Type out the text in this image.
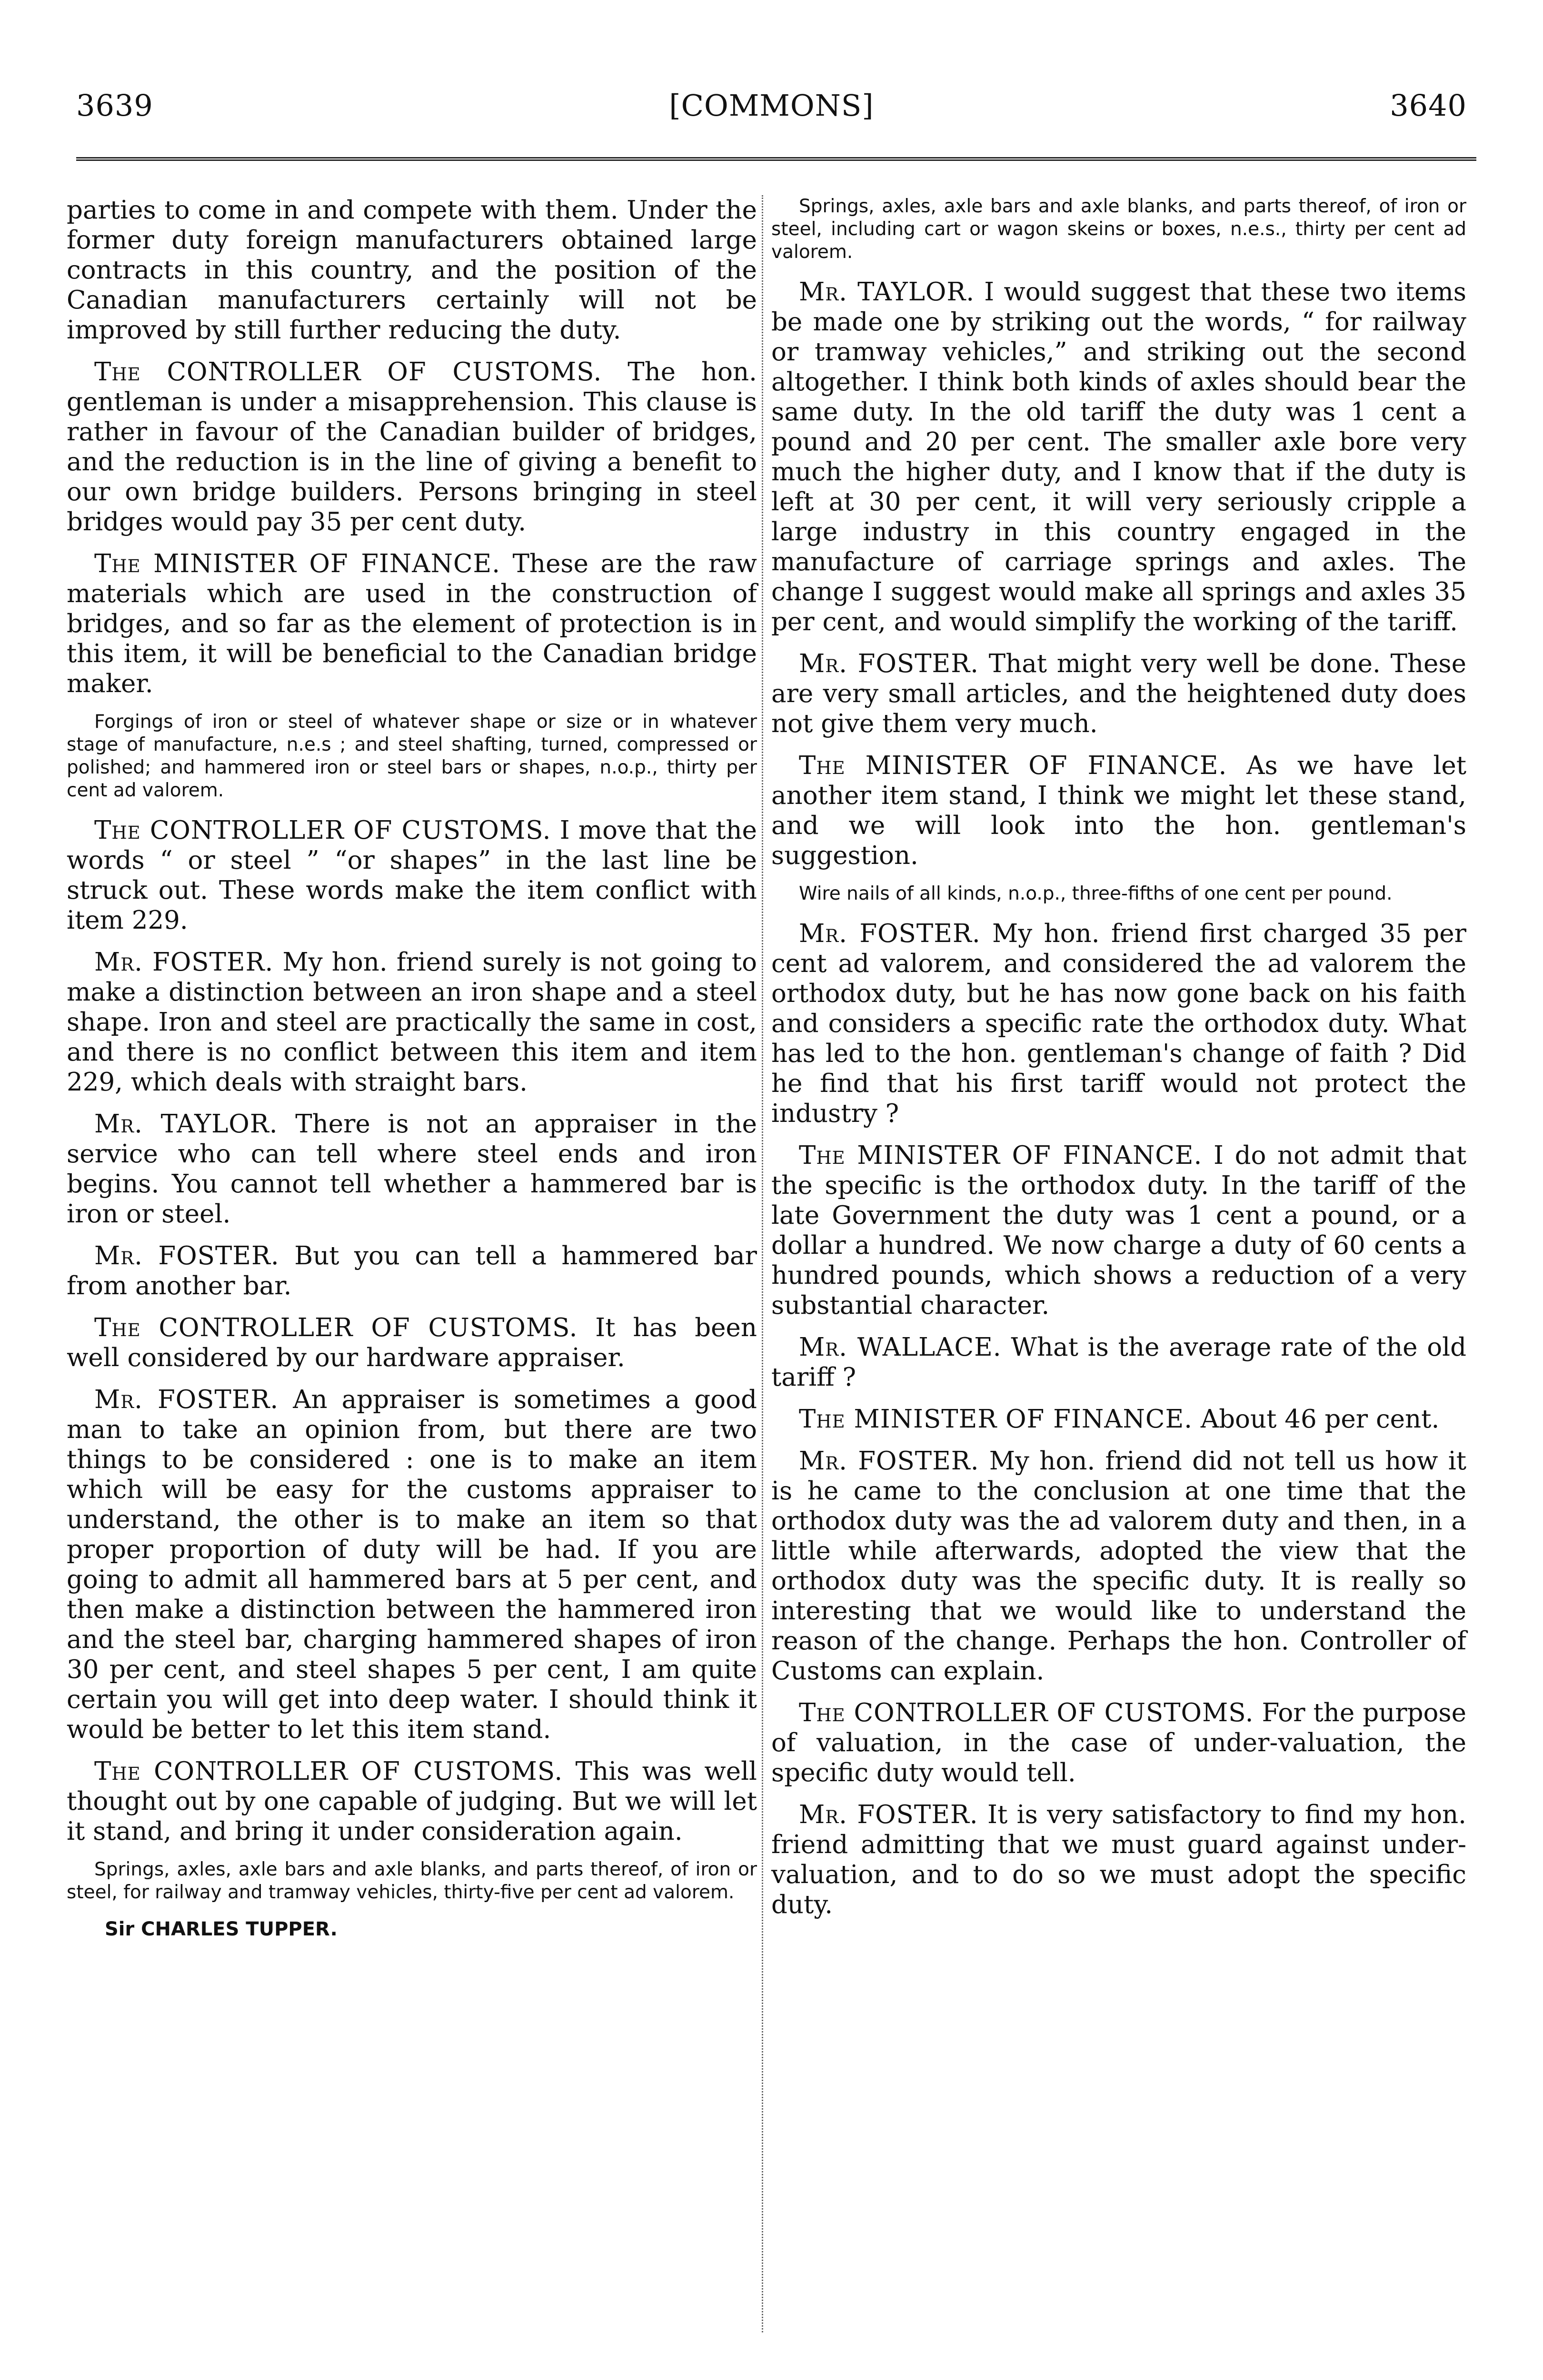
3639	[COMMONS]	3640
parties to come in and compete with them. Under the former duty foreign manufacturers obtained large contracts in this country, and the position of the Canadian manufacturers certainly will not be improved by still further reducing the duty.
The CONTROLLER OF CUSTOMS. The hon. gentleman is under a misapprehension. This clause is rather in favour of the Canadian builder of bridges, and the reduction is in the line of giving a benefit to our own bridge builders. Persons bringing in steel bridges would pay 35 per cent duty.
The MINISTER OF FINANCE. These are the raw materials which are used in the construction of bridges, and so far as the element of protection is in this item, it will be beneficial to the Canadian bridge maker.
Forgings of iron or steel of whatever shape or size or in whatever stage of manufacture, n.e.s ; and steel shafting, turned, compressed or polished; and hammered iron or steel bars or shapes, n.o.p., thirty per cent ad valorem.
The CONTROLLER OF CUSTOMS. I move that the words “ or steel ” “or shapes” in the last line be struck out. These words make the item conflict with item 229.
Mr. FOSTER. My hon. friend surely is not going to make a distinction between an iron shape and a steel shape. Iron and steel are practically the same in cost, and there is no conflict between this item and item 229, which deals with straight bars.
Mr. TAYLOR. There is not an appraiser in the service who can tell where steel ends and iron begins. You cannot tell whether a hammered bar is iron or steel.
Mr. FOSTER. But you can tell a hammered bar from another bar.
The CONTROLLER OF CUSTOMS. It has been well considered by our hardware appraiser.
Mr. FOSTER. An appraiser is sometimes a good man to take an opinion from, but there are two things to be considered : one is to make an item which will be easy for the customs appraiser to understand, the other is to make an item so that proper proportion of duty will be had. If you are going to admit all hammered bars at 5 per cent, and then make a distinction between the hammered iron and the steel bar, charging hammered shapes of iron 30 per cent, and steel shapes 5 per cent, I am quite certain you will get into deep water. I should think it would be better to let this item stand.
The CONTROLLER OF CUSTOMS. This was well thought out by one capable of judging. But we will let it stand, and bring it under consideration again.
Springs, axles, axle bars and axle blanks, and parts thereof, of iron or steel, for railway and tramway vehicles, thirty-five per cent ad valorem.
Sir CHARLES TUPPER.
Springs, axles, axle bars and axle blanks, and parts thereof, of iron or steel, including cart or wagon skeins or boxes, n.e.s., thirty per cent ad valorem.
Mr. TAYLOR. I would suggest that these two items be made one by striking out the words, “ for railway or tramway vehicles,” and striking out the second altogether. I think both kinds of axles should bear the same duty. In the old tariff the duty was 1 cent a pound and 20 per cent. The smaller axle bore very much the higher duty, and I know that if the duty is left at 30 per cent, it will very seriously cripple a large industry in this country engaged in the manufacture of carriage springs and axles. The change I suggest would make all springs and axles 35 per cent, and would simplify the working of the tariff.
Mr. FOSTER. That might very well be done. These are very small articles, and the heightened duty does not give them very much.
The MINISTER OF FINANCE. As we have let another item stand, I think we might let these stand, and we will look into the hon. gentleman's suggestion.
Wire nails of all kinds, n.o.p., three-fifths of one cent per pound.
Mr. FOSTER. My hon. friend first charged 35 per cent ad valorem, and considered the ad valorem the orthodox duty, but he has now gone back on his faith and considers a specific rate the orthodox duty. What has led to the hon. gentleman's change of faith ? Did he find that his first tariff would not protect the industry ?
The MINISTER OF FINANCE. I do not admit that the specific is the orthodox duty. In the tariff of the late Government the duty was 1 cent a pound, or a dollar a hundred. We now charge a duty of 60 cents a hundred pounds, which shows a reduction of a very substantial character.
Mr. WALLACE. What is the average rate of the old tariff ?
The MINISTER OF FINANCE. About 46 per cent.
Mr. FOSTER. My hon. friend did not tell us how it is he came to the conclusion at one time that the orthodox duty was the ad valorem duty and then, in a little while afterwards, adopted the view that the orthodox duty was the specific duty. It is really so interesting that we would like to understand the reason of the change. Perhaps the hon. Controller of Customs can explain.
The CONTROLLER OF CUSTOMS. For the purpose of valuation, in the case of under-valuation, the specific duty would tell.
Mr. FOSTER. It is very satisfactory to find my hon. friend admitting that we must guard against under-valuation, and to do so we must adopt the specific duty.
